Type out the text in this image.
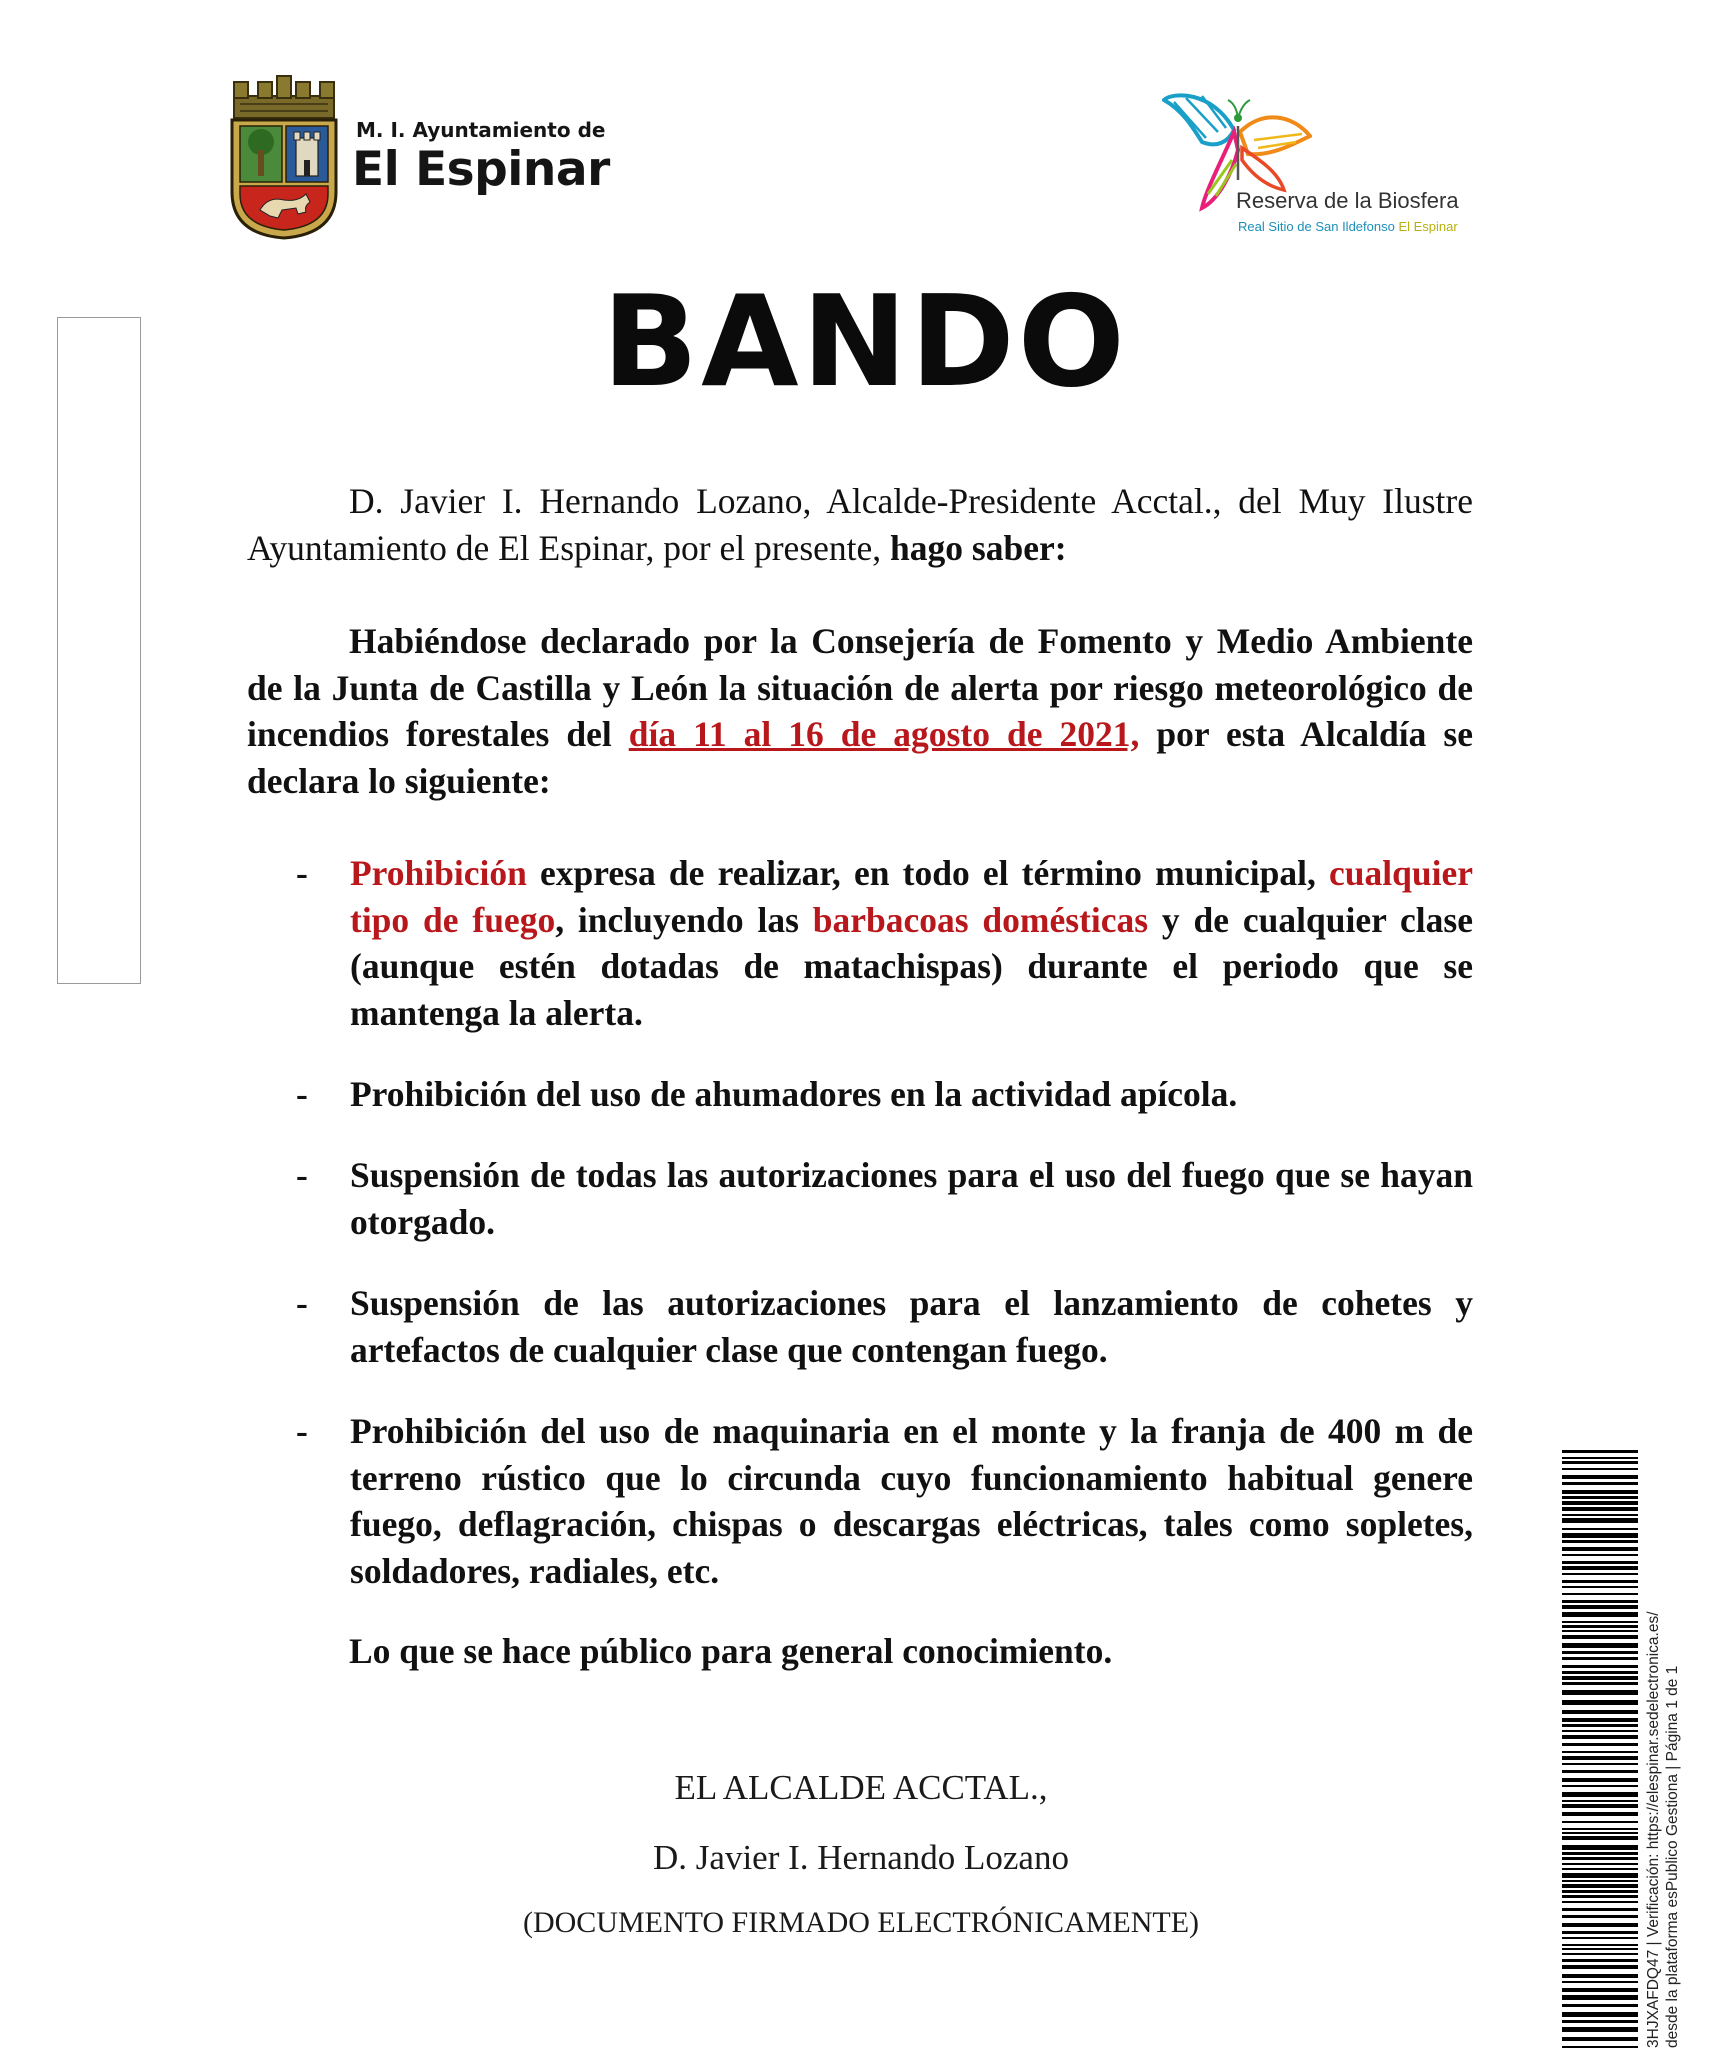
M. I. Ayuntamiento de
El Espinar
Reserva de la Biosfera
Real Sitio de San Ildefonso El Espinar
BANDO
D. Javier I. Hernando Lozano, Alcalde-Presidente Acctal., del Muy Ilustre Ayuntamiento de El Espinar, por el presente, hago saber:
Habiéndose declarado por la Consejería de Fomento y Medio Ambiente de la Junta de Castilla y León la situación de alerta por riesgo meteorológico de incendios forestales del día 11 al 16 de agosto de 2021, por esta Alcaldía se declara lo siguiente:
-	Prohibición expresa de realizar, en todo el término municipal, cualquier tipo de fuego, incluyendo las barbacoas domésticas y de cualquier clase (aunque estén dotadas de matachispas) durante el periodo que se mantenga la alerta.
-	Prohibición del uso de ahumadores en la actividad apícola.
-	Suspensión de todas las autorizaciones para el uso del fuego que se hayan otorgado.
-	Suspensión de las autorizaciones para el lanzamiento de cohetes y artefactos de cualquier clase que contengan fuego.
-	Prohibición del uso de maquinaria en el monte y la franja de 400 m de terreno rústico que lo circunda cuyo funcionamiento habitual genere fuego, deflagración, chispas o descargas eléctricas, tales como sopletes, soldadores, radiales, etc.
Lo que se hace público para general conocimiento.
EL ALCALDE ACCTAL.,
D. Javier I. Hernando Lozano
(DOCUMENTO FIRMADO ELECTRÓNICAMENTE)	3HJXAFDQ47 | Verificación: https://elespinar.sedelectronica.es/ desde la plataforma esPublico Gestiona | Página 1 de 1
